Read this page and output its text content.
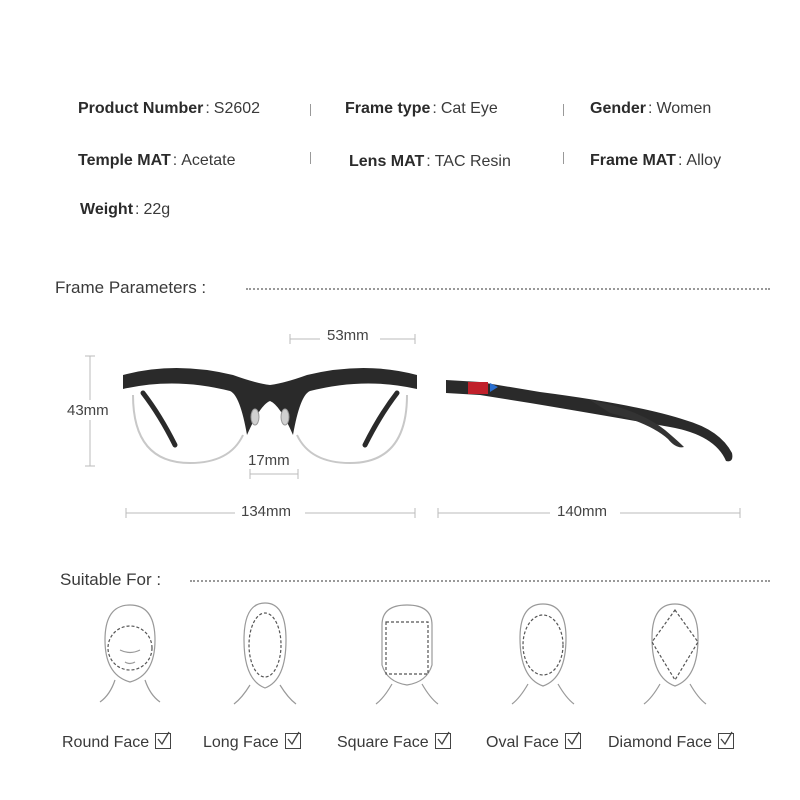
Product Number : S2602	Frame type : Cat Eye	Gender : Women
Temple MAT : Acetate	Lens MAT : TAC Resin	Frame MAT : Alloy
Weight : 22g
Frame Parameters :
53mm
43mm
17mm
134mm	140mm
Suitable For :
Round Face	Long Face	Square Face	Oval Face	Diamond Face
